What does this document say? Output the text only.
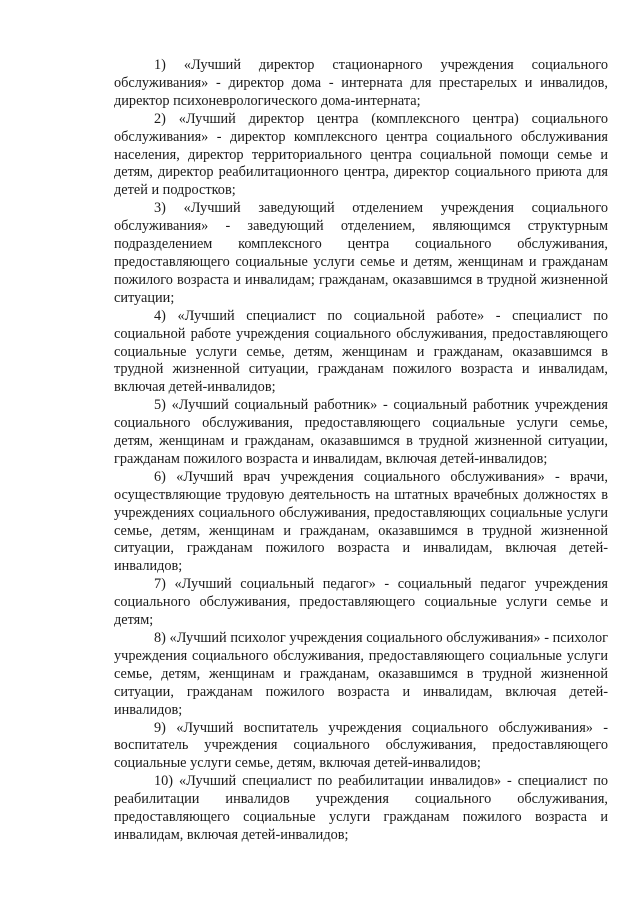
1) «Лучший директор стационарного учреждения социального обслуживания» - директор дома - интерната для престарелых и инвалидов, директор психоневрологического дома-интерната;

2) «Лучший директор центра (комплексного центра) социального обслуживания» - директор комплексного центра социального обслуживания населения, директор территориального центра социальной помощи семье и детям, директор реабилитационного центра, директор социального приюта для детей и подростков;

3) «Лучший заведующий отделением учреждения социального обслуживания» - заведующий отделением, являющимся структурным подразделением комплексного центра социального обслуживания, предоставляющего социальные услуги семье и детям, женщинам и гражданам пожилого возраста и инвалидам; гражданам, оказавшимся в трудной жизненной ситуации;

4) «Лучший специалист по социальной работе» - специалист по социальной работе учреждения социального обслуживания, предоставляющего социальные услуги семье, детям, женщинам и гражданам, оказавшимся в трудной жизненной ситуации, гражданам пожилого возраста и инвалидам, включая детей-инвалидов;

5) «Лучший социальный работник» - социальный работник учреждения социального обслуживания, предоставляющего социальные услуги семье, детям, женщинам и гражданам, оказавшимся в трудной жизненной ситуации, гражданам пожилого возраста и инвалидам, включая детей-инвалидов;

6) «Лучший врач учреждения социального обслуживания» - врачи, осуществляющие трудовую деятельность на штатных врачебных должностях в учреждениях социального обслуживания, предоставляющих социальные услуги семье, детям, женщинам и гражданам, оказавшимся в трудной жизненной ситуации, гражданам пожилого возраста и инвалидам, включая детей-инвалидов;

7) «Лучший социальный педагог» - социальный педагог учреждения социального обслуживания, предоставляющего социальные услуги семье и детям;

8) «Лучший психолог учреждения социального обслуживания» - психолог учреждения социального обслуживания, предоставляющего социальные услуги семье, детям, женщинам и гражданам, оказавшимся в трудной жизненной ситуации, гражданам пожилого возраста и инвалидам, включая детей-инвалидов;

9) «Лучший воспитатель учреждения социального обслуживания» - воспитатель учреждения социального обслуживания, предоставляющего социальные услуги семье, детям, включая детей-инвалидов;

10) «Лучший специалист по реабилитации инвалидов» - специалист по реабилитации инвалидов учреждения социального обслуживания, предоставляющего социальные услуги гражданам пожилого возраста и инвалидам, включая детей-инвалидов;
